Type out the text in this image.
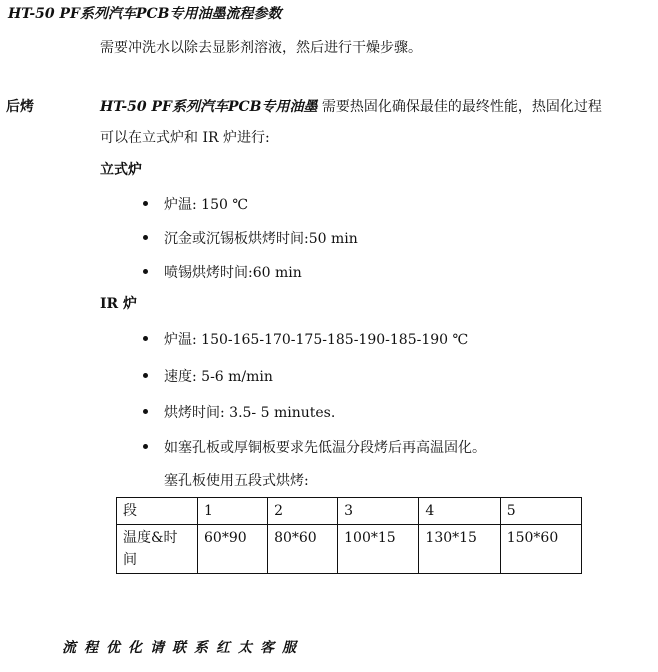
HT-50 PF系列汽车PCB专用油墨流程参数
需要冲洗水以除去显影剂溶液，然后进行干燥步骤。
后烤	HT-50 PF系列汽车PCB专用油墨 需要热固化确保最佳的最终性能，热固化过程
可以在立式炉和 IR 炉进行:
立式炉
炉温: 150 ℃
沉金或沉锡板烘烤时间:50 min
喷锡烘烤时间:60 min
IR 炉
炉温: 150-165-170-175-185-190-185-190 ℃
速度: 5-6 m/min
烘烤时间: 3.5- 5 minutes.
如塞孔板或厚铜板要求先低温分段烤后再高温固化。
塞孔板使用五段式烘烤:
段	1	2	3	4	5
温度&时间	60*90	80*60	100*15	130*15	150*60
流程优化请联系红太客服
